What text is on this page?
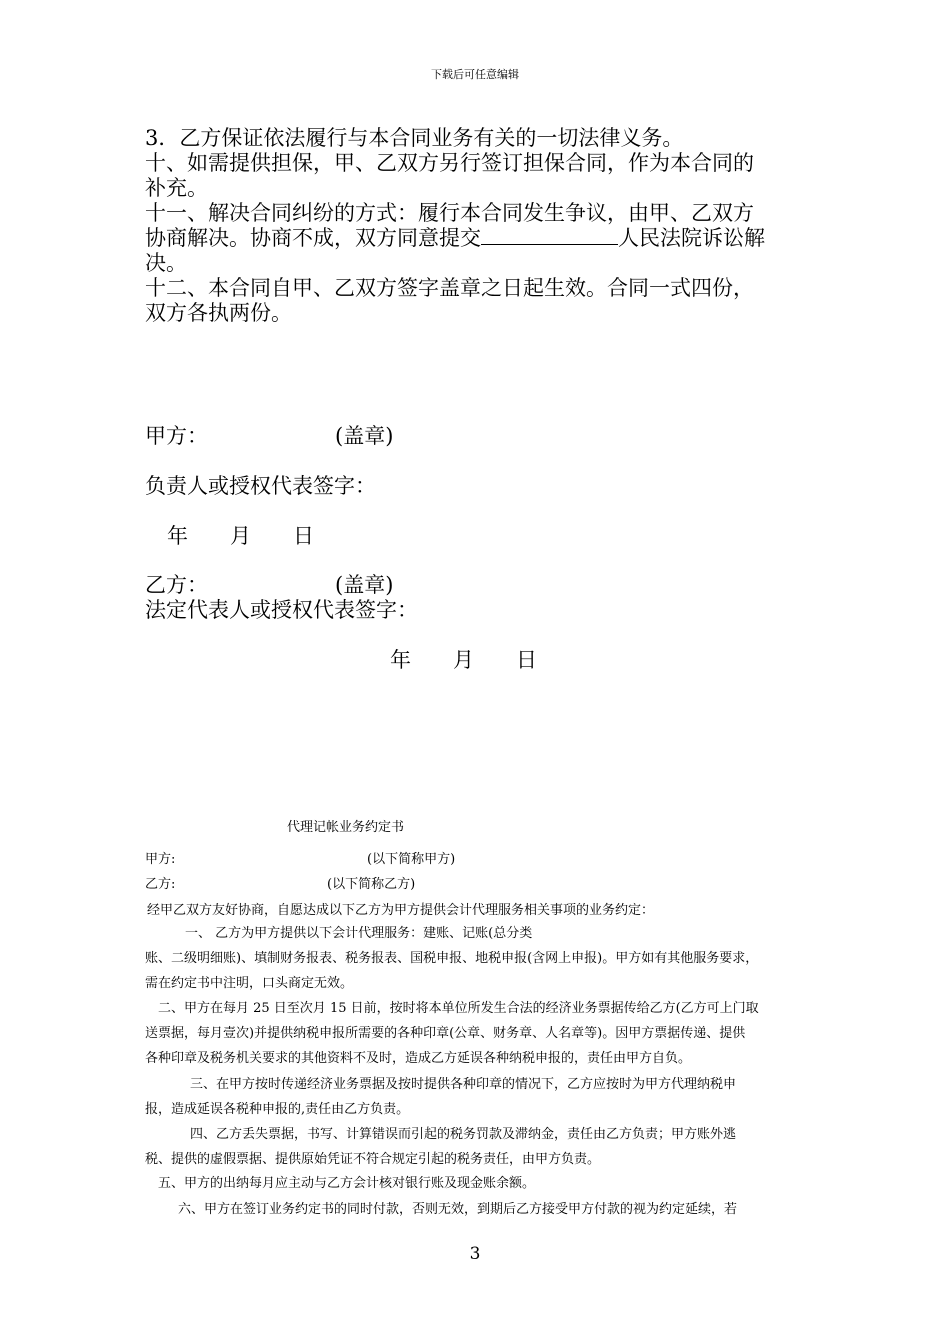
下载后可任意编辑
3．乙方保证依法履行与本合同业务有关的一切法律义务。
十、如需提供担保，甲、乙双方另行签订担保合同，作为本合同的
补充。
十一、解决合同纠纷的方式：履行本合同发生争议，由甲、乙双方
协商解决。协商不成，双方同意提交	人民法院诉讼解
决。
十二、本合同自甲、乙双方签字盖章之日起生效。合同一式四份，
双方各执两份。
甲方：	(盖章)
负责人或授权代表签字：
年　　月　　日
乙方：	(盖章)
法定代表人或授权代表签字：
年　　月　　日
代理记帐业务约定书
甲方:	(以下简称甲方)
乙方:	(以下简称乙方)
经甲乙双方友好协商，自愿达成以下乙方为甲方提供会计代理服务相关事项的业务约定：
一、 乙方为甲方提供以下会计代理服务：建账、记账(总分类
账、二级明细账)、填制财务报表、税务报表、国税申报、地税申报(含网上申报)。甲方如有其他服务要求，
需在约定书中注明，口头商定无效。
二、甲方在每月 25 日至次月 15 日前，按时将本单位所发生合法的经济业务票据传给乙方(乙方可上门取
送票据，每月壹次)并提供纳税申报所需要的各种印章(公章、财务章、人名章等)。因甲方票据传递、提供
各种印章及税务机关要求的其他资料不及时，造成乙方延误各种纳税申报的，责任由甲方自负。
三、在甲方按时传递经济业务票据及按时提供各种印章的情况下，乙方应按时为甲方代理纳税申
报，造成延误各税种申报的,责任由乙方负责。
四、乙方丢失票据，书写、计算错误而引起的税务罚款及滞纳金，责任由乙方负责；甲方账外逃
税、提供的虚假票据、提供原始凭证不符合规定引起的税务责任，由甲方负责。
五、甲方的出纳每月应主动与乙方会计核对银行账及现金账余额。
六、甲方在签订业务约定书的同时付款，否则无效，到期后乙方接受甲方付款的视为约定延续，若
3
